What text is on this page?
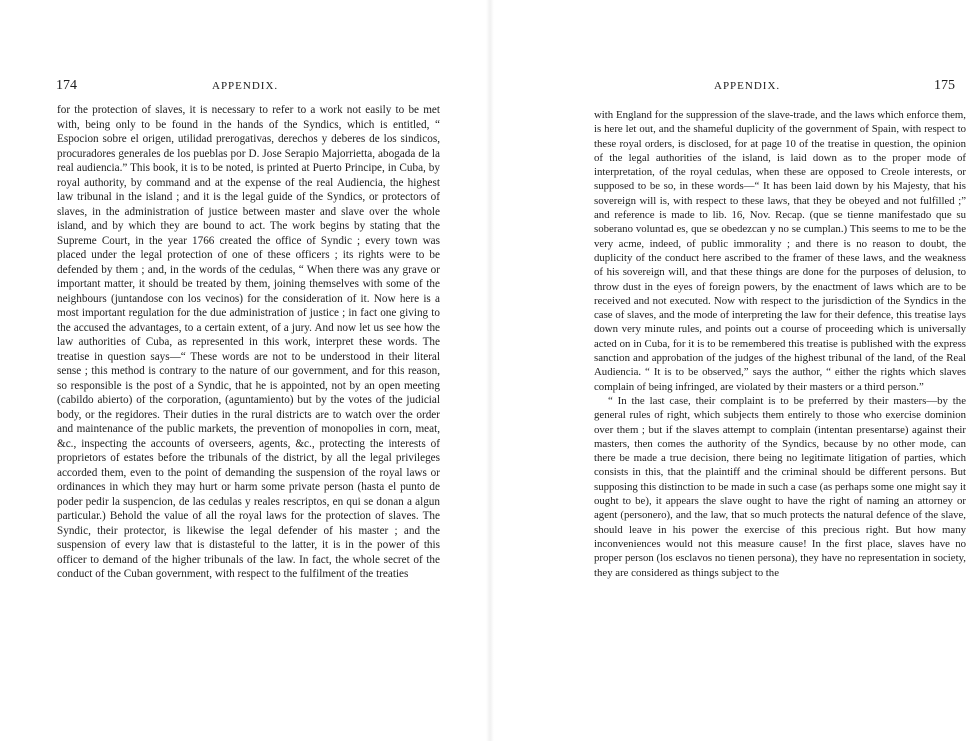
174	APPENDIX.

for the protection of slaves, it is necessary to refer to a work not easily to be met with, being only to be found in the hands of the Syndics, which is entitled, “ Espocion sobre el origen, utilidad prerogativas, derechos y deberes de los sindicos, procuradores generales de los pueblas por D. Jose Serapio Majorrietta, abogada de la real audiencia.” This book, it is to be noted, is printed at Puerto Principe, in Cuba, by royal authority, by command and at the expense of the real Audiencia, the highest law tribunal in the island ; and it is the legal guide of the Syndics, or protectors of slaves, in the administration of justice between master and slave over the whole island, and by which they are bound to act. The work begins by stating that the Supreme Court, in the year 1766 created the office of Syndic ; every town was placed under the legal protection of one of these officers ; its rights were to be defended by them ; and, in the words of the cedulas, “ When there was any grave or important matter, it should be treated by them, joining themselves with some of the neighbours (juntandose con los vecinos) for the consideration of it. Now here is a most important regulation for the due administration of justice ; in fact one giving to the accused the advantages, to a certain extent, of a jury. And now let us see how the law authorities of Cuba, as represented in this work, interpret these words. The treatise in question says—“ These words are not to be understood in their literal sense ; this method is contrary to the nature of our government, and for this reason, so responsible is the post of a Syndic, that he is appointed, not by an open meeting (cabildo abierto) of the corporation, (aguntamiento) but by the votes of the judicial body, or the regidores. Their duties in the rural districts are to watch over the order and maintenance of the public markets, the prevention of monopolies in corn, meat, &c., inspecting the accounts of overseers, agents, &c., protecting the interests of proprietors of estates before the tribunals of the district, by all the legal privileges accorded them, even to the point of demanding the suspension of the royal laws or ordinances in which they may hurt or harm some private person (hasta el punto de poder pedir la suspencion, de las cedulas y reales rescriptos, en qui se donan a algun particular.) Behold the value of all the royal laws for the protection of slaves. The Syndic, their protector, is likewise the legal defender of his master ; and the suspension of every law that is distasteful to the latter, it is in the power of this officer to demand of the higher tribunals of the law. In fact, the whole secret of the conduct of the Cuban government, with respect to the fulfilment of the treaties

APPENDIX.	175

with England for the suppression of the slave-trade, and the laws which enforce them, is here let out, and the shameful duplicity of the government of Spain, with respect to these royal orders, is disclosed, for at page 10 of the treatise in question, the opinion of the legal authorities of the island, is laid down as to the proper mode of interpretation, of the royal cedulas, when these are opposed to Creole interests, or supposed to be so, in these words—“ It has been laid down by his Majesty, that his sovereign will is, with respect to these laws, that they be obeyed and not fulfilled ;” and reference is made to lib. 16, Nov. Recap. (que se tienne manifestado que su soberano voluntad es, que se obedezcan y no se cumplan.) This seems to me to be the very acme, indeed, of public immorality ; and there is no reason to doubt, the duplicity of the conduct here ascribed to the framer of these laws, and the weakness of his sovereign will, and that these things are done for the purposes of delusion, to throw dust in the eyes of foreign powers, by the enactment of laws which are to be received and not executed. Now with respect to the jurisdiction of the Syndics in the case of slaves, and the mode of interpreting the law for their defence, this treatise lays down very minute rules, and points out a course of proceeding which is universally acted on in Cuba, for it is to be remembered this treatise is published with the express sanction and approbation of the judges of the highest tribunal of the land, of the Real Audiencia. “ It is to be observed,” says the author, “ either the rights which slaves complain of being infringed, are violated by their masters or a third person.”

“ In the last case, their complaint is to be preferred by their masters—by the general rules of right, which subjects them entirely to those who exercise dominion over them ; but if the slaves attempt to complain (intentan presentarse) against their masters, then comes the authority of the Syndics, because by no other mode, can there be made a true decision, there being no legitimate litigation of parties, which consists in this, that the plaintiff and the criminal should be different persons. But supposing this distinction to be made in such a case (as perhaps some one might say it ought to be), it appears the slave ought to have the right of naming an attorney or agent (personero), and the law, that so much protects the natural defence of the slave, should leave in his power the exercise of this precious right. But how many inconveniences would not this measure cause! In the first place, slaves have no proper person (los esclavos no tienen persona), they have no representation in society, they are considered as things subject to the
